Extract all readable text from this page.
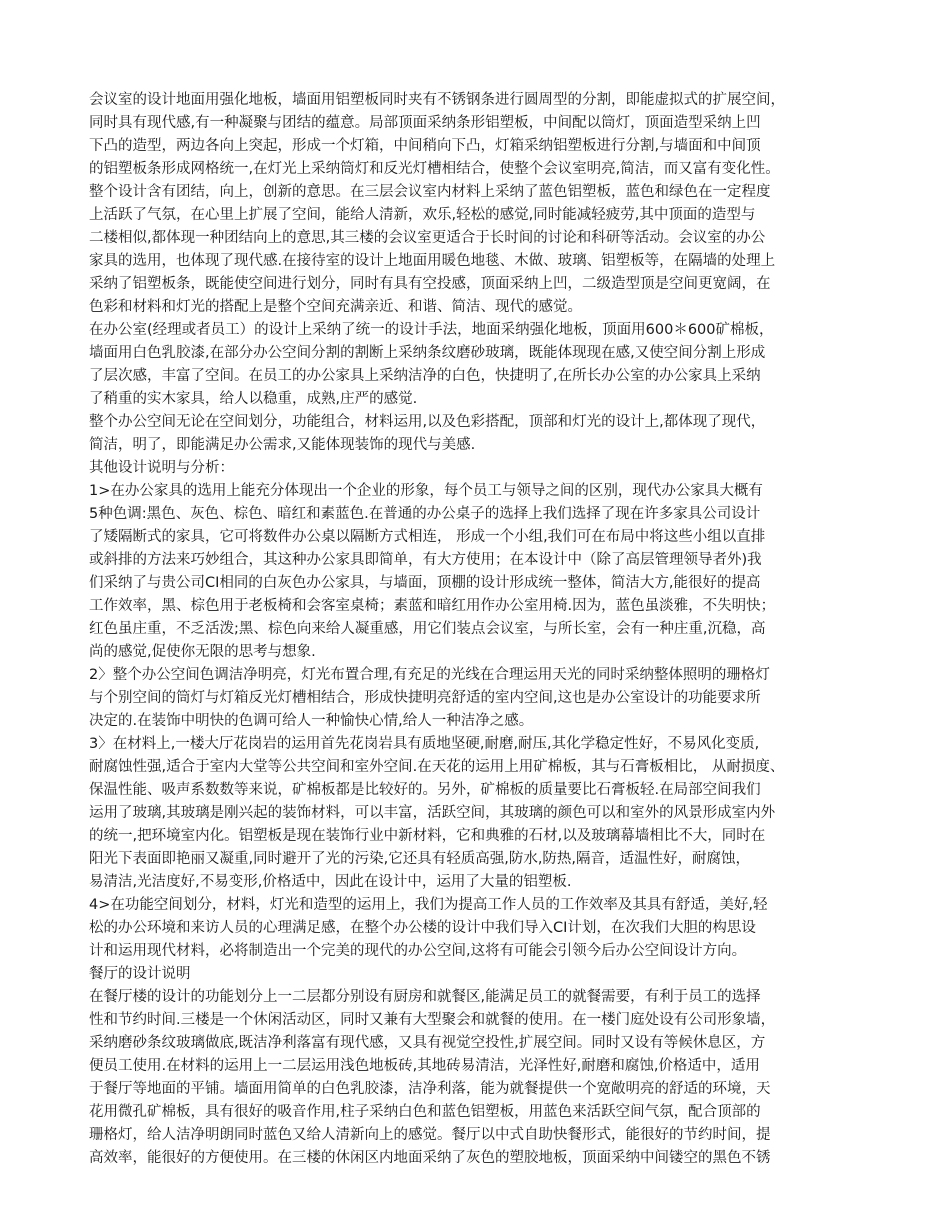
会议室的设计地面用强化地板，墙面用铝塑板同时夹有不锈钢条进行圆周型的分割，即能虚拟式的扩展空间，
同时具有现代感,有一种凝聚与团结的蕴意。局部顶面采纳条形铝塑板，中间配以筒灯，顶面造型采纳上凹
下凸的造型，两边各向上突起，形成一个灯箱，中间稍向下凸，灯箱采纳铝塑板进行分割,与墙面和中间顶
的铝塑板条形成网格统一,在灯光上采纳筒灯和反光灯槽相结合，使整个会议室明亮,简洁，而又富有变化性。
整个设计含有团结，向上，创新的意思。在三层会议室内材料上采纳了蓝色铝塑板，蓝色和绿色在一定程度
上活跃了气氛，在心里上扩展了空间，能给人清新，欢乐,轻松的感觉,同时能减轻疲劳,其中顶面的造型与
二楼相似,都体现一种团结向上的意思,其三楼的会议室更适合于长时间的讨论和科研等活动。会议室的办公
家具的选用，也体现了现代感.在接待室的设计上地面用暖色地毯、木做、玻璃、铝塑板等，在隔墙的处理上
采纳了铝塑板条，既能使空间进行划分，同时有具有空投感，顶面采纳上凹，二级造型顶是空间更宽阔，在
色彩和材料和灯光的搭配上是整个空间充满亲近、和谐、简洁、现代的感觉。
在办公室(经理或者员工）的设计上采纳了统一的设计手法，地面采纳强化地板，顶面用600＊600矿棉板，
墙面用白色乳胶漆,在部分办公空间分割的割断上采纳条纹磨砂玻璃，既能体现现在感,又使空间分割上形成
了层次感，丰富了空间。在员工的办公家具上采纳洁净的白色，快捷明了,在所长办公室的办公家具上采纳
了稍重的实木家具，给人以稳重，成熟,庄严的感觉.
整个办公空间无论在空间划分，功能组合，材料运用,以及色彩搭配，顶部和灯光的设计上,都体现了现代，
简洁，明了，即能满足办公需求,又能体现装饰的现代与美感.
其他设计说明与分析：
1>在办公家具的选用上能充分体现出一个企业的形象，每个员工与领导之间的区别，现代办公家具大概有
5种色调:黑色、灰色、棕色、暗红和素蓝色.在普通的办公桌子的选择上我们选择了现在许多家具公司设计
了矮隔断式的家具，它可将数件办公桌以隔断方式相连， 形成一个小组,我们可在布局中将这些小组以直排
或斜排的方法来巧妙组合，其这种办公家具即简单，有大方使用；在本设计中（除了高层管理领导者外)我
们采纳了与贵公司CI相同的白灰色办公家具，与墙面，顶棚的设计形成统一整体，简洁大方,能很好的提高
工作效率，黑、棕色用于老板椅和会客室桌椅；素蓝和暗红用作办公室用椅.因为，蓝色虽淡雅，不失明快；
红色虽庄重，不乏活泼;黑、棕色向来给人凝重感，用它们装点会议室，与所长室，会有一种庄重,沉稳，高
尚的感觉,促使你无限的思考与想象.
2〉整个办公空间色调洁净明亮，灯光布置合理,有充足的光线在合理运用天光的同时采纳整体照明的珊格灯
与个别空间的筒灯与灯箱反光灯槽相结合，形成快捷明亮舒适的室内空间,这也是办公室设计的功能要求所
决定的.在装饰中明快的色调可给人一种愉快心情,给人一种洁净之感。
3〉在材料上,一楼大厅花岗岩的运用首先花岗岩具有质地坚硬,耐磨,耐压,其化学稳定性好，不易风化变质,
耐腐蚀性强,适合于室内大堂等公共空间和室外空间.在天花的运用上用矿棉板，其与石膏板相比， 从耐损度、
保温性能、吸声系数数等来说，矿棉板都是比较好的。另外，矿棉板的质量要比石膏板轻.在局部空间我们
运用了玻璃,其玻璃是刚兴起的装饰材料，可以丰富，活跃空间，其玻璃的颜色可以和室外的风景形成室内外
的统一,把环境室内化。铝塑板是现在装饰行业中新材料，它和典雅的石材,以及玻璃幕墙相比不大，同时在
阳光下表面即艳丽又凝重,同时避开了光的污染,它还具有轻质高强,防水,防热,隔音，适温性好，耐腐蚀，
易清洁,光洁度好,不易变形,价格适中，因此在设计中，运用了大量的铝塑板.
4>在功能空间划分，材料，灯光和造型的运用上，我们为提高工作人员的工作效率及其具有舒适，美好,轻
松的办公环境和来访人员的心理满足感，在整个办公楼的设计中我们导入CI计划，在次我们大胆的构思设
计和运用现代材料，必将制造出一个完美的现代的办公空间,这将有可能会引领今后办公空间设计方向。
餐厅的设计说明
在餐厅楼的设计的功能划分上一二层都分别设有厨房和就餐区,能满足员工的就餐需要，有利于员工的选择
性和节约时间.三楼是一个休闲活动区，同时又兼有大型聚会和就餐的使用。在一楼门庭处设有公司形象墙，
采纳磨砂条纹玻璃做底,既洁净利落富有现代感，又具有视觉空投性,扩展空间。同时又设有等候休息区，方
便员工使用.在材料的运用上一二层运用浅色地板砖,其地砖易清洁，光泽性好,耐磨和腐蚀,价格适中，适用
于餐厅等地面的平铺。墙面用简单的白色乳胶漆，洁净利落，能为就餐提供一个宽敞明亮的舒适的环境，天
花用微孔矿棉板，具有很好的吸音作用,柱子采纳白色和蓝色铝塑板，用蓝色来活跃空间气氛，配合顶部的
珊格灯，给人洁净明朗同时蓝色又给人清新向上的感觉。餐厅以中式自助快餐形式，能很好的节约时间，提
高效率，能很好的方便使用。在三楼的休闲区内地面采纳了灰色的塑胶地板，顶面采纳中间镂空的黑色不锈
